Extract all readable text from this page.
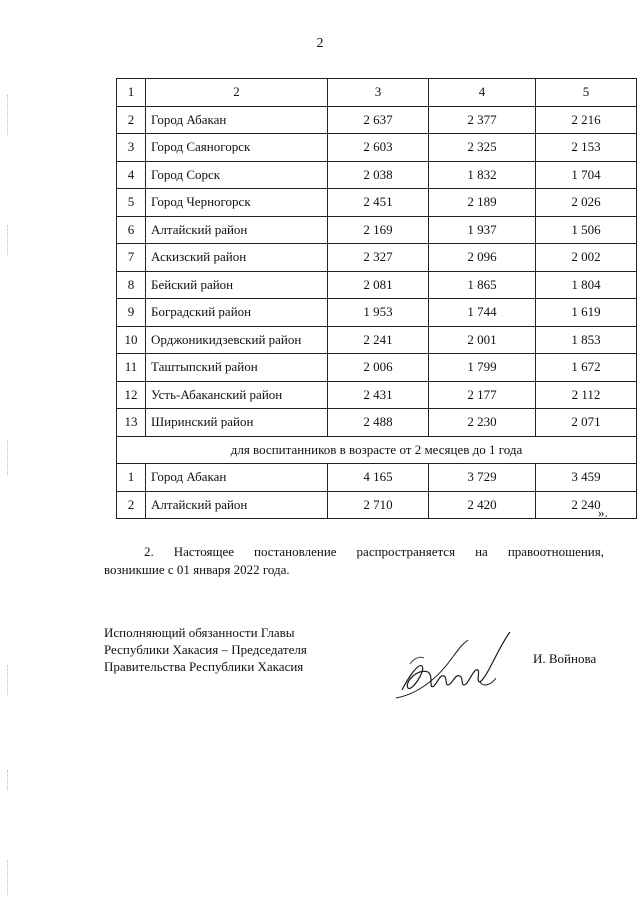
2
1	2	3	4	5
2	Город Абакан	2 637	2 377	2 216
3	Город Саяногорск	2 603	2 325	2 153
4	Город Сорск	2 038	1 832	1 704
5	Город Черногорск	2 451	2 189	2 026
6	Алтайский район	2 169	1 937	1 506
7	Аскизский район	2 327	2 096	2 002
8	Бейский район	2 081	1 865	1 804
9	Боградский район	1 953	1 744	1 619
10	Орджоникидзевский район	2 241	2 001	1 853
11	Таштыпский район	2 006	1 799	1 672
12	Усть-Абаканский район	2 431	2 177	2 112
13	Ширинский район	2 488	2 230	2 071
для воспитанников в возрасте от 2 месяцев до 1 года				
1	Город Абакан	4 165	3 729	3 459
2	Алтайский район	2 710	2 420	2 240
».
2. Настоящее постановление распространяется на правоотношения,
возникшие с 01 января 2022 года.
Исполняющий обязанности Главы
Республики Хакасия – Председателя
Правительства Республики Хакасия
И. Войнова
